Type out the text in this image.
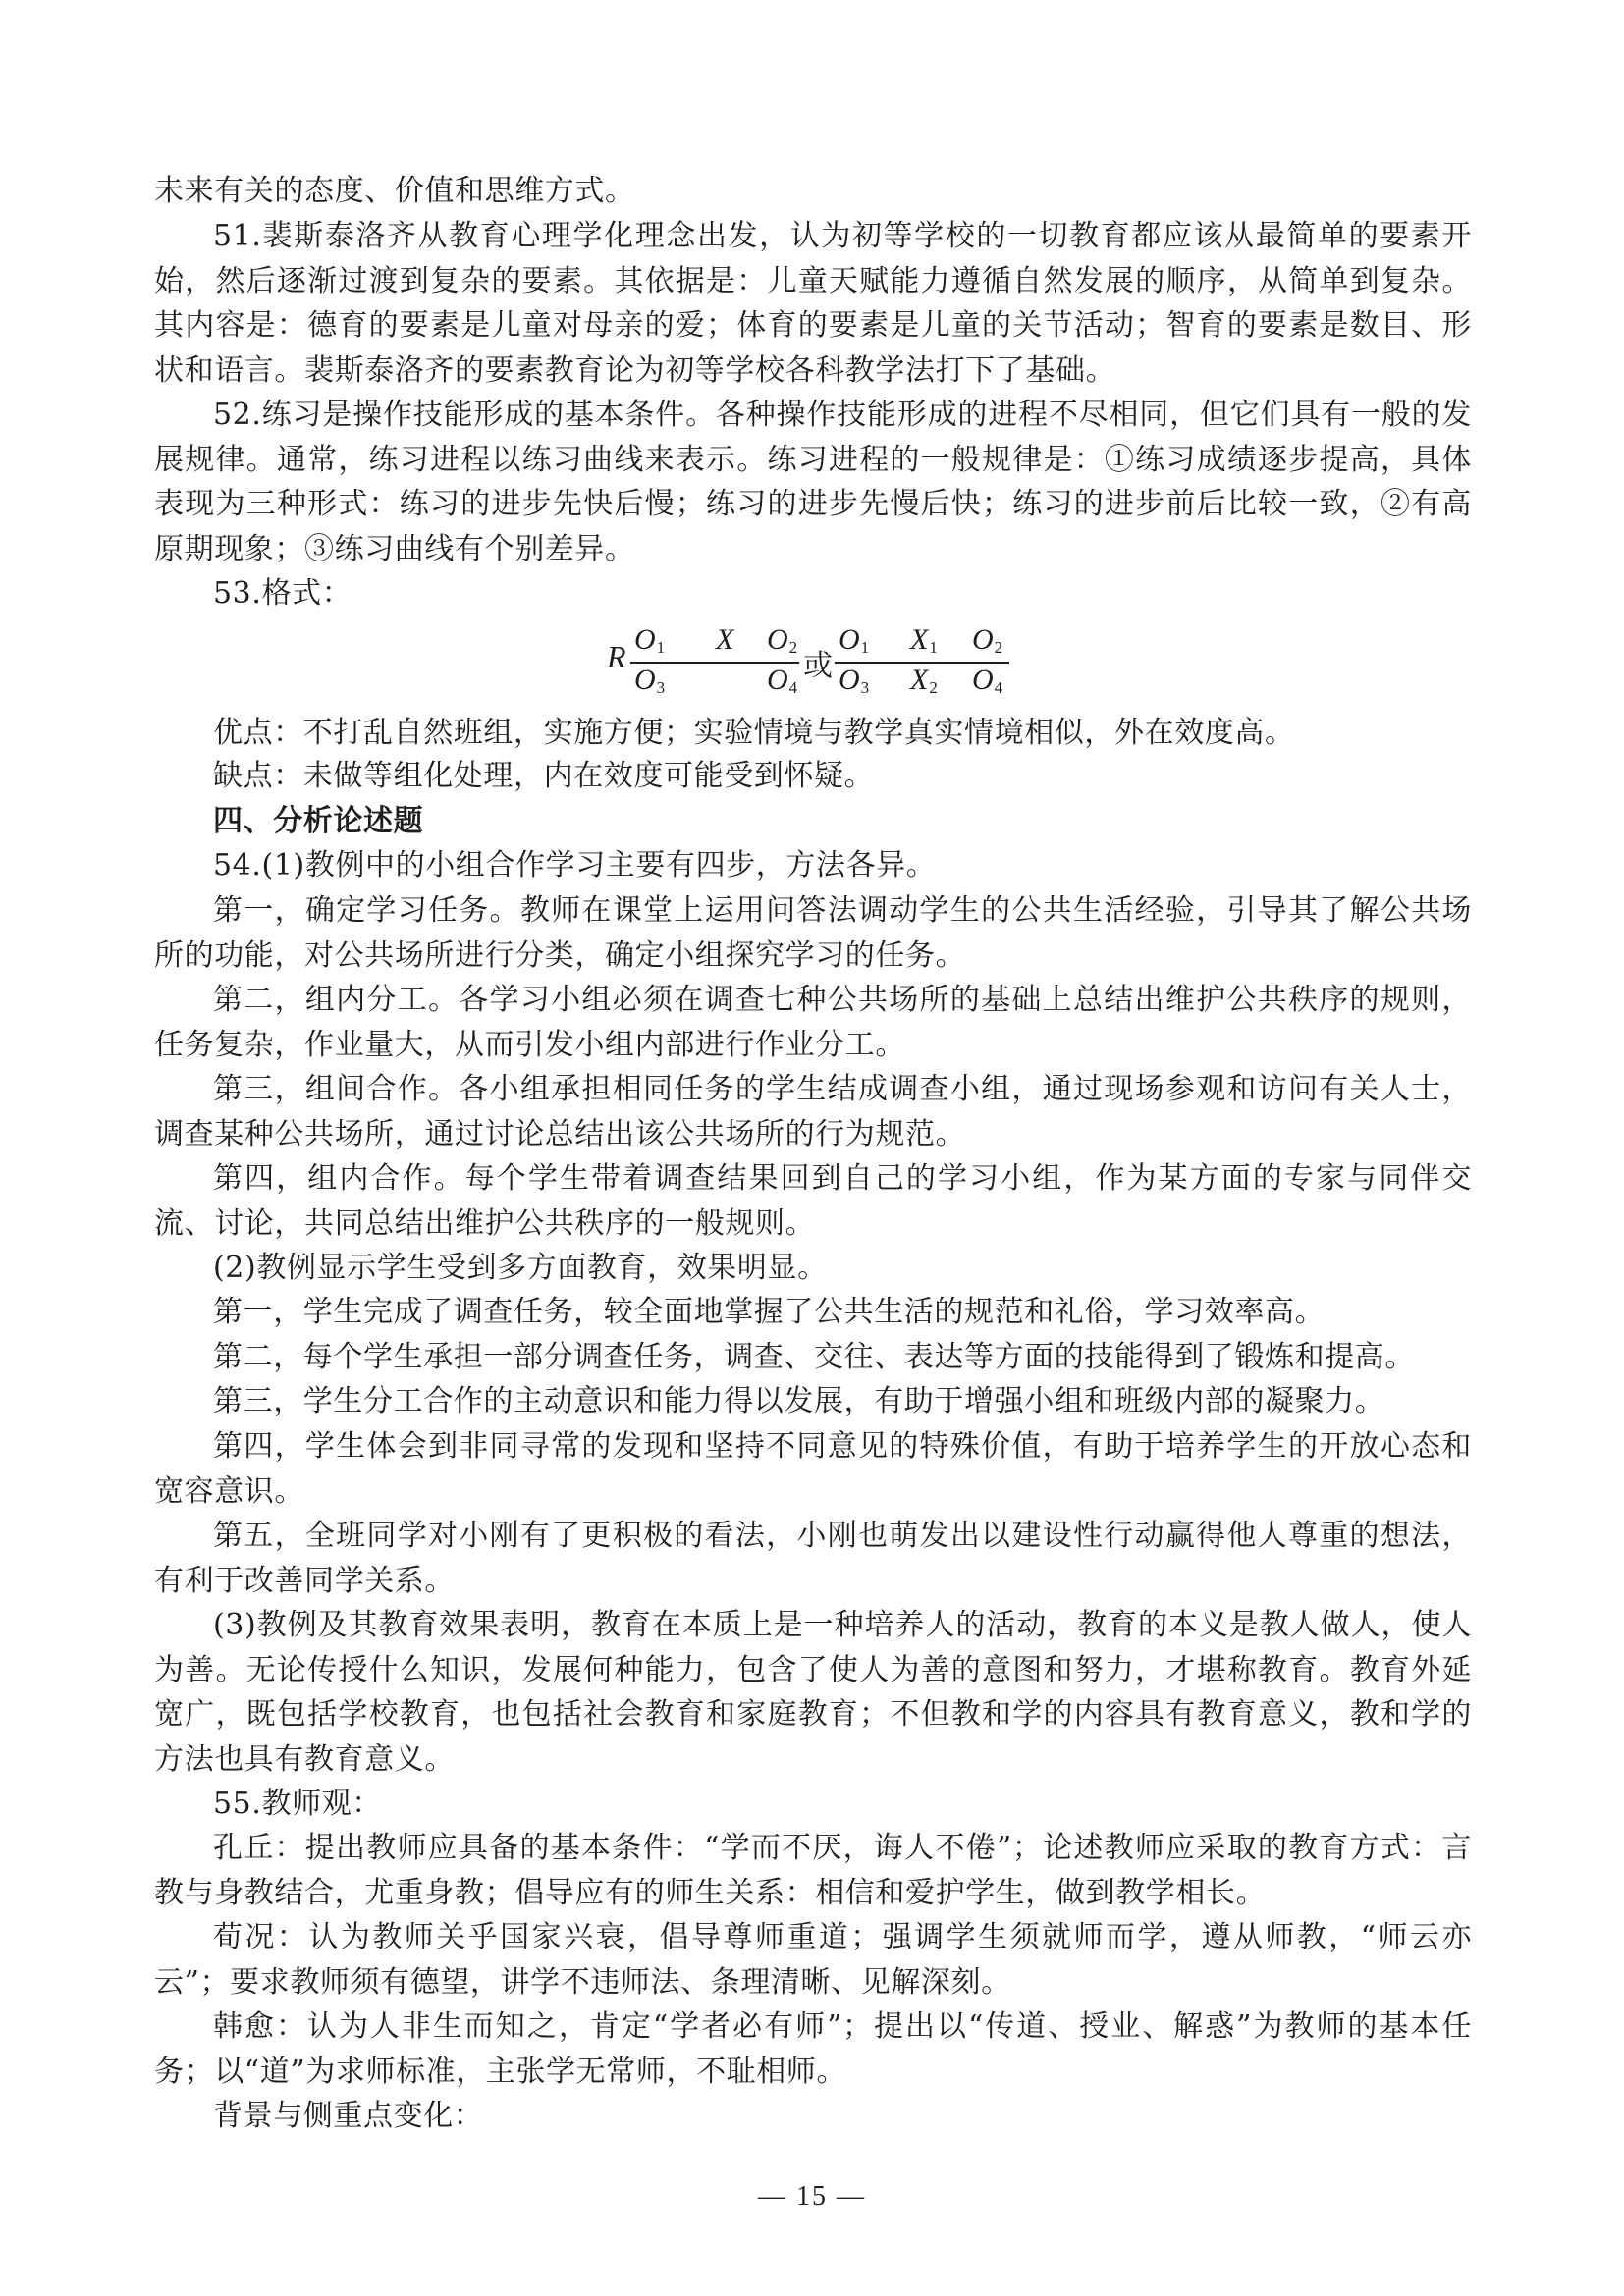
未来有关的态度、价值和思维方式。

51.裴斯泰洛齐从教育心理学化理念出发，认为初等学校的一切教育都应该从最简单的要素开始，然后逐渐过渡到复杂的要素。其依据是：儿童天赋能力遵循自然发展的顺序，从简单到复杂。其内容是：德育的要素是儿童对母亲的爱；体育的要素是儿童的关节活动；智育的要素是数目、形状和语言。裴斯泰洛齐的要素教育论为初等学校各科教学法打下了基础。

52.练习是操作技能形成的基本条件。各种操作技能形成的进程不尽相同，但它们具有一般的发展规律。通常，练习进程以练习曲线来表示。练习进程的一般规律是：①练习成绩逐步提高，具体表现为三种形式：练习的进步先快后慢；练习的进步先慢后快；练习的进步前后比较一致，②有高原期现象；③练习曲线有个别差异。

53.格式：

R $O_1$ X $O_2$
$O_3$	$O_4$
或
$O_1$ $X_1$ $O_2$
$O_3$ $X_2$ $O_4$

优点：不打乱自然班组，实施方便；实验情境与教学真实情境相似，外在效度高。

缺点：未做等组化处理，内在效度可能受到怀疑。

四、分析论述题

54.(1)教例中的小组合作学习主要有四步，方法各异。

第一，确定学习任务。教师在课堂上运用问答法调动学生的公共生活经验，引导其了解公共场所的功能，对公共场所进行分类，确定小组探究学习的任务。

第二，组内分工。各学习小组必须在调查七种公共场所的基础上总结出维护公共秩序的规则，任务复杂，作业量大，从而引发小组内部进行作业分工。

第三，组间合作。各小组承担相同任务的学生结成调查小组，通过现场参观和访问有关人士，调查某种公共场所，通过讨论总结出该公共场所的行为规范。

第四，组内合作。每个学生带着调查结果回到自己的学习小组，作为某方面的专家与同伴交流、讨论，共同总结出维护公共秩序的一般规则。

(2)教例显示学生受到多方面教育，效果明显。

第一，学生完成了调查任务，较全面地掌握了公共生活的规范和礼俗，学习效率高。

第二，每个学生承担一部分调查任务，调查、交往、表达等方面的技能得到了锻炼和提高。

第三，学生分工合作的主动意识和能力得以发展，有助于增强小组和班级内部的凝聚力。

第四，学生体会到非同寻常的发现和坚持不同意见的特殊价值，有助于培养学生的开放心态和宽容意识。

第五，全班同学对小刚有了更积极的看法，小刚也萌发出以建设性行动赢得他人尊重的想法，有利于改善同学关系。

(3)教例及其教育效果表明，教育在本质上是一种培养人的活动，教育的本义是教人做人，使人为善。无论传授什么知识，发展何种能力，包含了使人为善的意图和努力，才堪称教育。教育外延宽广，既包括学校教育，也包括社会教育和家庭教育；不但教和学的内容具有教育意义，教和学的方法也具有教育意义。

55.教师观：

孔丘：提出教师应具备的基本条件：“学而不厌，诲人不倦”；论述教师应采取的教育方式：言教与身教结合，尤重身教；倡导应有的师生关系：相信和爱护学生，做到教学相长。

荀况：认为教师关乎国家兴衰，倡导尊师重道；强调学生须就师而学，遵从师教，“师云亦云”；要求教师须有德望，讲学不违师法、条理清晰、见解深刻。

韩愈：认为人非生而知之，肯定“学者必有师”；提出以“传道、授业、解惑”为教师的基本任务；以“道”为求师标准，主张学无常师，不耻相师。

背景与侧重点变化：

— 15 —
